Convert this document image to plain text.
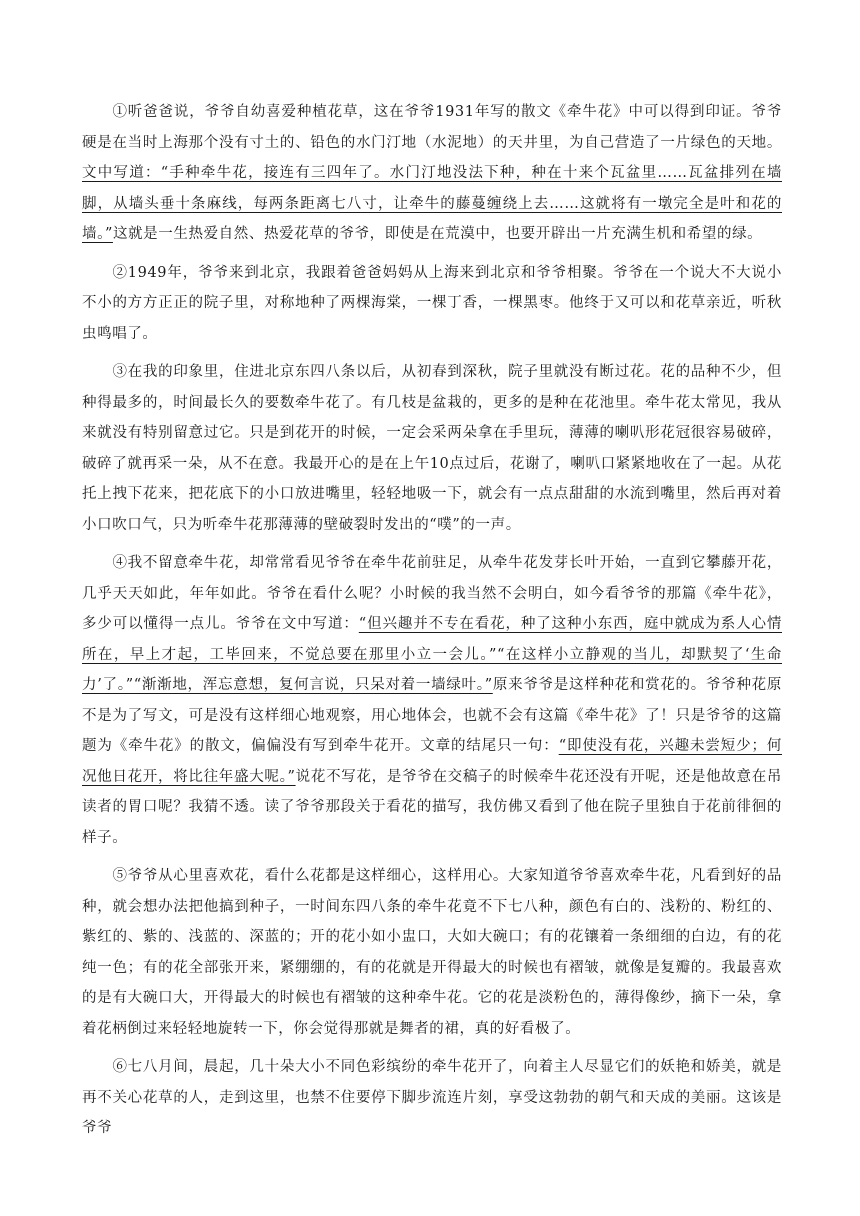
①听爸爸说，爷爷自幼喜爱种植花草，这在爷爷1931年写的散文《牵牛花》中可以得到印证。爷爷硬是在当时上海那个没有寸土的、铅色的水门汀地（水泥地）的天井里，为自己营造了一片绿色的天地。文中写道：“手种牵牛花，接连有三四年了。水门汀地没法下种，种在十来个瓦盆里……瓦盆排列在墙脚，从墙头垂十条麻线，每两条距离七八寸，让牵牛的藤蔓缠绕上去……这就将有一墩完全是叶和花的墙。”这就是一生热爱自然、热爱花草的爷爷，即使是在荒漠中，也要开辟出一片充满生机和希望的绿。

②1949年，爷爷来到北京，我跟着爸爸妈妈从上海来到北京和爷爷相聚。爷爷在一个说大不大说小不小的方方正正的院子里，对称地种了两棵海棠，一棵丁香，一棵黑枣。他终于又可以和花草亲近，听秋虫鸣唱了。

③在我的印象里，住进北京东四八条以后，从初春到深秋，院子里就没有断过花。花的品种不少，但种得最多的，时间最长久的要数牵牛花了。有几枝是盆栽的，更多的是种在花池里。牵牛花太常见，我从来就没有特别留意过它。只是到花开的时候，一定会采两朵拿在手里玩，薄薄的喇叭形花冠很容易破碎，破碎了就再采一朵，从不在意。我最开心的是在上午10点过后，花谢了，喇叭口紧紧地收在了一起。从花托上拽下花来，把花底下的小口放进嘴里，轻轻地吸一下，就会有一点点甜甜的水流到嘴里，然后再对着小口吹口气，只为听牵牛花那薄薄的壁破裂时发出的“噗”的一声。

④我不留意牵牛花，却常常看见爷爷在牵牛花前驻足，从牵牛花发芽长叶开始，一直到它攀藤开花，几乎天天如此，年年如此。爷爷在看什么呢？小时候的我当然不会明白，如今看爷爷的那篇《牵牛花》，多少可以懂得一点儿。爷爷在文中写道：“但兴趣并不专在看花，种了这种小东西，庭中就成为系人心情所在，早上才起，工毕回来，不觉总要在那里小立一会儿。”“在这样小立静观的当儿，却默契了‘生命力’了。”“渐渐地，浑忘意想，复何言说，只呆对着一墙绿叶。”原来爷爷是这样种花和赏花的。爷爷种花原不是为了写文，可是没有这样细心地观察，用心地体会，也就不会有这篇《牵牛花》了！只是爷爷的这篇题为《牵牛花》的散文，偏偏没有写到牵牛花开。文章的结尾只一句：“即使没有花，兴趣未尝短少；何况他日花开，将比往年盛大呢。”说花不写花，是爷爷在交稿子的时候牵牛花还没有开呢，还是他故意在吊读者的胃口呢？我猜不透。读了爷爷那段关于看花的描写，我仿佛又看到了他在院子里独自于花前徘徊的样子。

⑤爷爷从心里喜欢花，看什么花都是这样细心，这样用心。大家知道爷爷喜欢牵牛花，凡看到好的品种，就会想办法把他搞到种子，一时间东四八条的牵牛花竟不下七八种，颜色有白的、浅粉的、粉红的、紫红的、紫的、浅蓝的、深蓝的；开的花小如小盅口，大如大碗口；有的花镶着一条细细的白边，有的花纯一色；有的花全部张开来，紧绷绷的，有的花就是开得最大的时候也有褶皱，就像是复瓣的。我最喜欢的是有大碗口大，开得最大的时候也有褶皱的这种牵牛花。它的花是淡粉色的，薄得像纱，摘下一朵，拿着花柄倒过来轻轻地旋转一下，你会觉得那就是舞者的裙，真的好看极了。

⑥七八月间，晨起，几十朵大小不同色彩缤纷的牵牛花开了，向着主人尽显它们的妖艳和娇美，就是再不关心花草的人，走到这里，也禁不住要停下脚步流连片刻，享受这勃勃的朝气和天成的美丽。这该是爷爷
